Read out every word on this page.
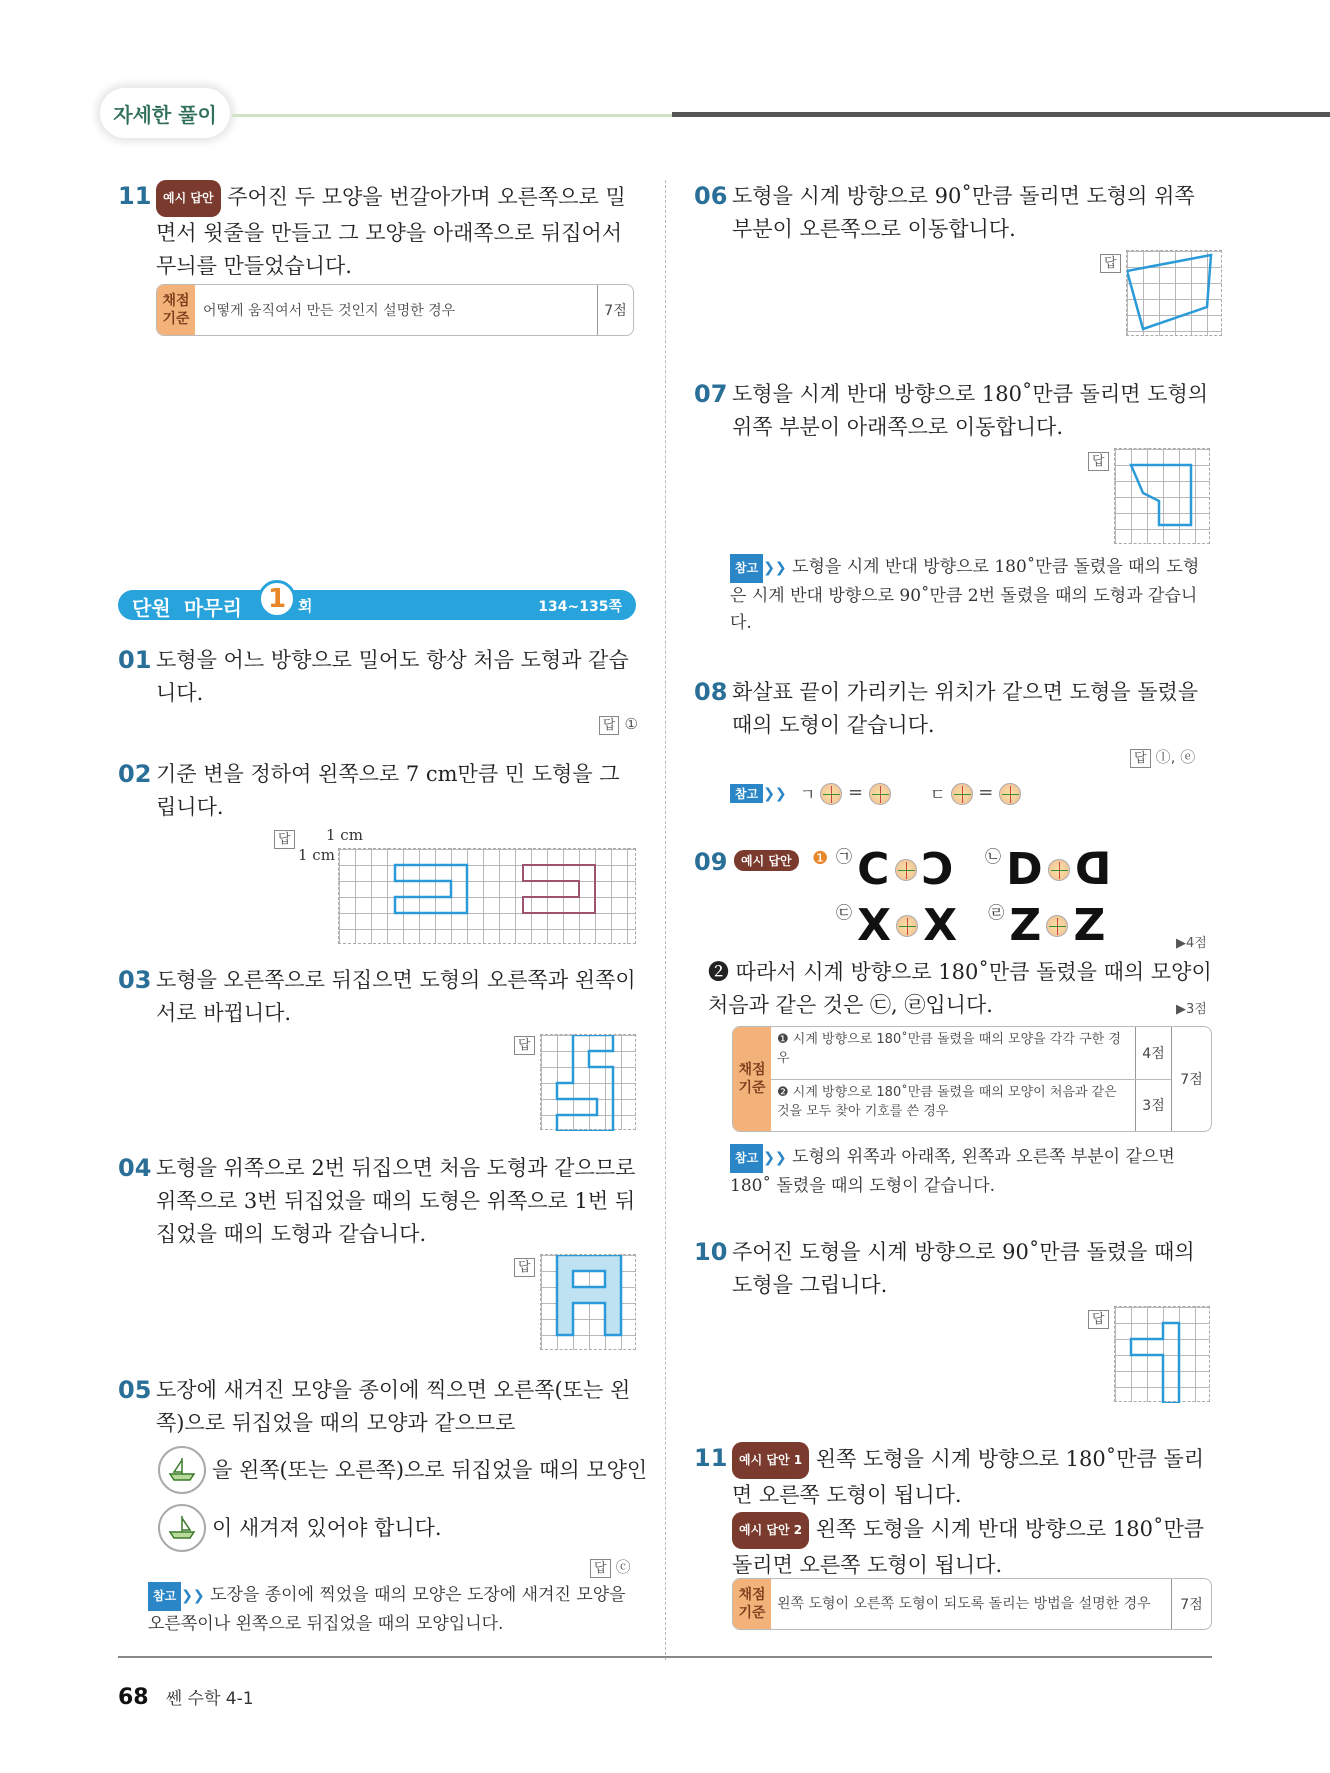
자세한 풀이
11 예시 답안 주어진 두 모양을 번갈아가며 오른쪽으로 밀면서 윗줄을 만들고 그 모양을 아래쪽으로 뒤집어서 무늬를 만들었습니다.
채점 기준 어떻게 움직여서 만든 것인지 설명한 경우	7점
단원 마무리 1 회	134~135쪽
01 도형을 어느 방향으로 밀어도 항상 처음 도형과 같습니다.
답 ①
02 기준 변을 정하여 왼쪽으로 7 cm만큼 민 도형을 그립니다.
답 1 cm
1 cm
03 도형을 오른쪽으로 뒤집으면 도형의 오른쪽과 왼쪽이 서로 바뀝니다.
답
04 도형을 위쪽으로 2번 뒤집으면 처음 도형과 같으므로 위쪽으로 3번 뒤집었을 때의 도형은 위쪽으로 1번 뒤집었을 때의 도형과 같습니다.
답
05 도장에 새겨진 모양을 종이에 찍으면 오른쪽(또는 왼쪽)으로 뒤집었을 때의 모양과 같으므로
을 왼쪽(또는 오른쪽)으로 뒤집었을 때의 모양인
이 새겨져 있어야 합니다.
답 ⓒ
참고 ❯❯ 도장을 종이에 찍었을 때의 모양은 도장에 새겨진 모양을 오른쪽이나 왼쪽으로 뒤집었을 때의 모양입니다.
06 도형을 시계 방향으로 90˚만큼 돌리면 도형의 위쪽 부분이 오른쪽으로 이동합니다.
답
07 도형을 시계 반대 방향으로 180˚만큼 돌리면 도형의 위쪽 부분이 아래쪽으로 이동합니다.
답
참고 ❯❯ 도형을 시계 반대 방향으로 180˚만큼 돌렸을 때의 도형은 시계 반대 방향으로 90˚만큼 2번 돌렸을 때의 도형과 같습니다.
08 화살표 끝이 가리키는 위치가 같으면 도형을 돌렸을 때의 도형이 같습니다.
답 ⓛ, ⓔ
참고 ❯❯ ㄱ  =	ㄷ  =
09	예시 답안	❶ ㉠ C Ɔ ㉡ D ᗡ
㉢ X X ㉣ Z Z	▶4점
❷ 따라서 시계 방향으로 180˚만큼 돌렸을 때의 모양이 처음과 같은 것은 ㉢, ㉣입니다.	▶3점
채점 기준
❶ 시계 방향으로 180˚만큼 돌렸을 때의 모양을 각각 구한 경우	4점
❷ 시계 방향으로 180˚만큼 돌렸을 때의 모양이 처음과 같은 것을 모두 찾아 기호를 쓴 경우	3점
7점
참고 ❯❯ 도형의 위쪽과 아래쪽, 왼쪽과 오른쪽 부분이 같으면 180˚ 돌렸을 때의 도형이 같습니다.
10 주어진 도형을 시계 방향으로 90˚만큼 돌렸을 때의 도형을 그립니다.
답
11 예시 답안 1 왼쪽 도형을 시계 방향으로 180˚만큼 돌리면 오른쪽 도형이 됩니다.
예시 답안 2 왼쪽 도형을 시계 반대 방향으로 180˚만큼 돌리면 오른쪽 도형이 됩니다.
채점 기준
왼쪽 도형이 오른쪽 도형이 되도록 돌리는 방법을 설명한 경우	7점
68 쎈 수학 4-1
